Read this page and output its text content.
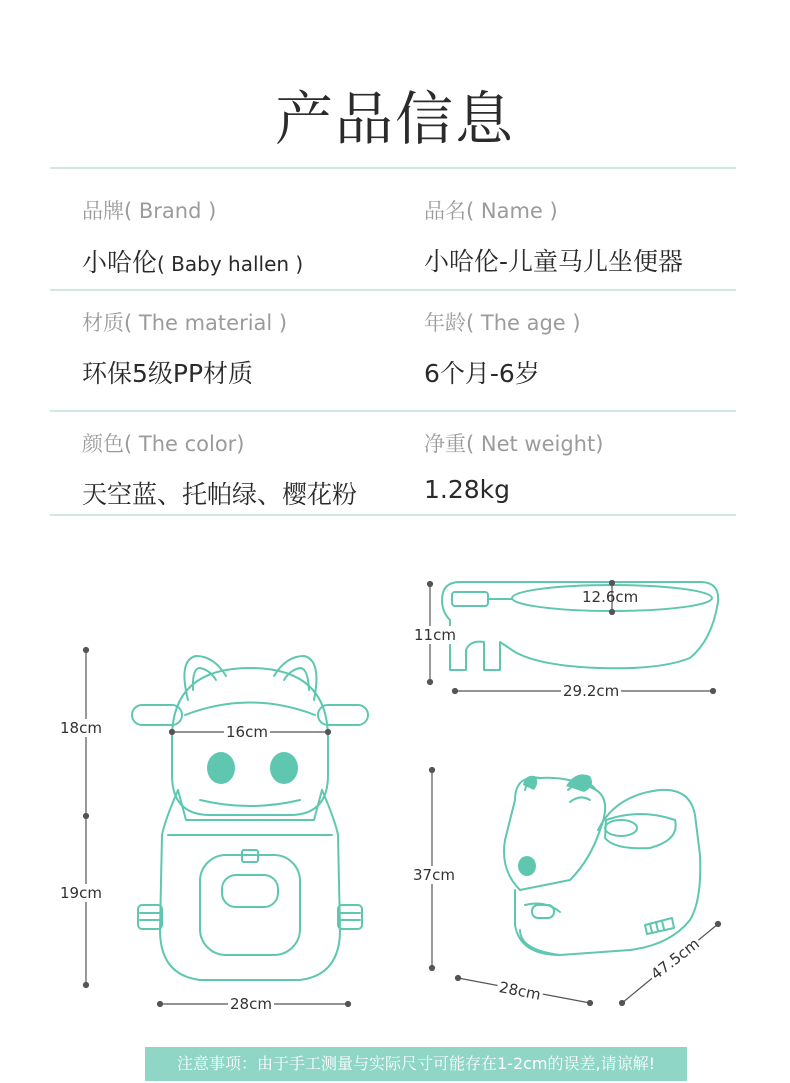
产品信息
品牌( Brand )
小哈伦( Baby hallen )
品名( Name )
小哈伦-儿童马儿坐便器
材质( The material )
环保5级PP材质
年龄( The age )
6个月-6岁
颜色( The color)
天空蓝、托帕绿、樱花粉
净重( Net weight)
1.28kg
18cm
19cm
16cm
28cm
12.6cm
11cm
29.2cm
37cm
28cm
47.5cm
注意事项：由于手工测量与实际尺寸可能存在1-2cm的误差,请谅解!
